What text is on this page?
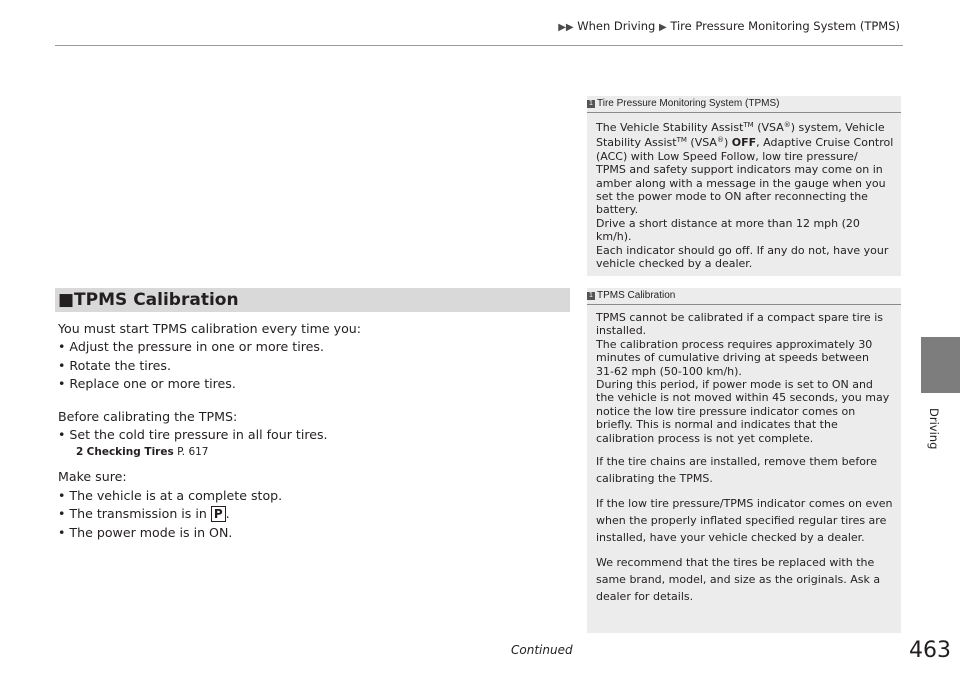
▶▶ When Driving ▶ Tire Pressure Monitoring System (TPMS)
Driving
■TPMS Calibration
You must start TPMS calibration every time you:
• Adjust the pressure in one or more tires.
• Rotate the tires.
• Replace one or more tires.
Before calibrating the TPMS:
• Set the cold tire pressure in all four tires.
2 Checking Tires P. 617
Make sure:
• The vehicle is at a complete stop.
• The transmission is in P .
• The power mode is in ON.
1 Tire Pressure Monitoring System (TPMS)

The Vehicle Stability Assist™ (VSA®) system, Vehicle

Stability Assist™ (VSA®) OFF, Adaptive Cruise Control

(ACC) with Low Speed Follow, low tire pressure/

TPMS and safety support indicators may come on in

amber along with a message in the gauge when you

set the power mode to ON after reconnecting the

battery.

Drive a short distance at more than 12 mph (20 km/h).

Each indicator should go off. If any do not, have your

vehicle checked by a dealer.

1 TPMS Calibration

TPMS cannot be calibrated if a compact spare tire is

installed.

The calibration process requires approximately 30

minutes of cumulative driving at speeds between

31-62 mph (50-100 km/h).

During this period, if power mode is set to ON and

the vehicle is not moved within 45 seconds, you may

notice the low tire pressure indicator comes on

briefly. This is normal and indicates that the

calibration process is not yet complete.

If the tire chains are installed, remove them before

calibrating the TPMS.

If the low tire pressure/TPMS indicator comes on even

when the properly inflated specified regular tires are

installed, have your vehicle checked by a dealer.

We recommend that the tires be replaced with the

same brand, model, and size as the originals. Ask a

dealer for details.

Continued	463
